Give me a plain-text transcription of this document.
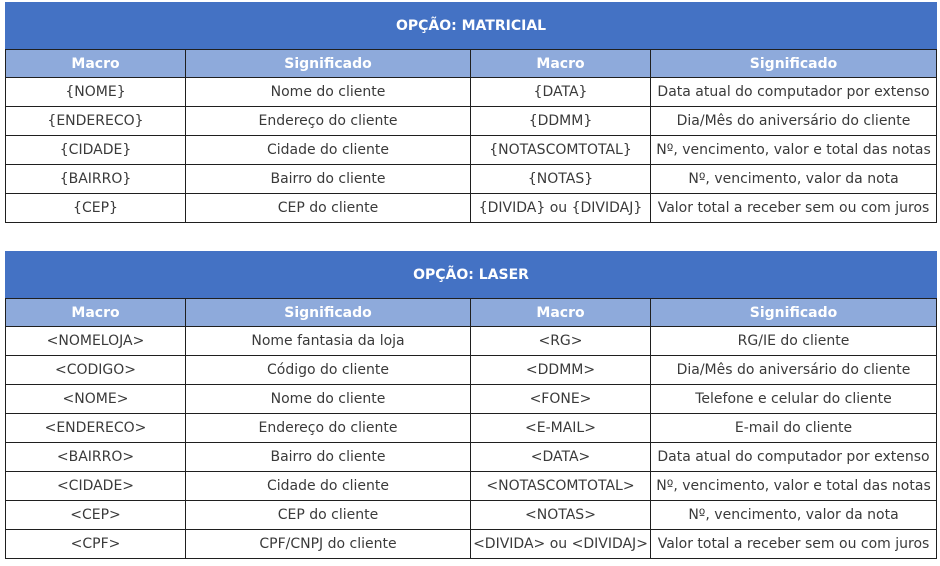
OPÇÃO: MATRICIAL			
Macro	Significado	Macro	Significado
{NOME}	Nome do cliente	{DATA}	Data atual do computador por extenso
{ENDERECO}	Endereço do cliente	{DDMM}	Dia/Mês do aniversário do cliente
{CIDADE}	Cidade do cliente	{NOTASCOMTOTAL}	Nº, vencimento, valor e total das notas
{BAIRRO}	Bairro do cliente	{NOTAS}	Nº, vencimento, valor da nota
{CEP}	CEP do cliente	{DIVIDA} ou {DIVIDAJ}	Valor total a receber sem ou com juros
OPÇÃO: LASER			
Macro	Significado	Macro	Significado
<NOMELOJA>	Nome fantasia da loja	<RG>	RG/IE do cliente
<CODIGO>	Código do cliente	<DDMM>	Dia/Mês do aniversário do cliente
<NOME>	Nome do cliente	<FONE>	Telefone e celular do cliente
<ENDERECO>	Endereço do cliente	<E-MAIL>	E-mail do cliente
<BAIRRO>	Bairro do cliente	<DATA>	Data atual do computador por extenso
<CIDADE>	Cidade do cliente	<NOTASCOMTOTAL>	Nº, vencimento, valor e total das notas
<CEP>	CEP do cliente	<NOTAS>	Nº, vencimento, valor da nota
<CPF>	CPF/CNPJ do cliente	<DIVIDA> ou <DIVIDAJ>	Valor total a receber sem ou com juros
